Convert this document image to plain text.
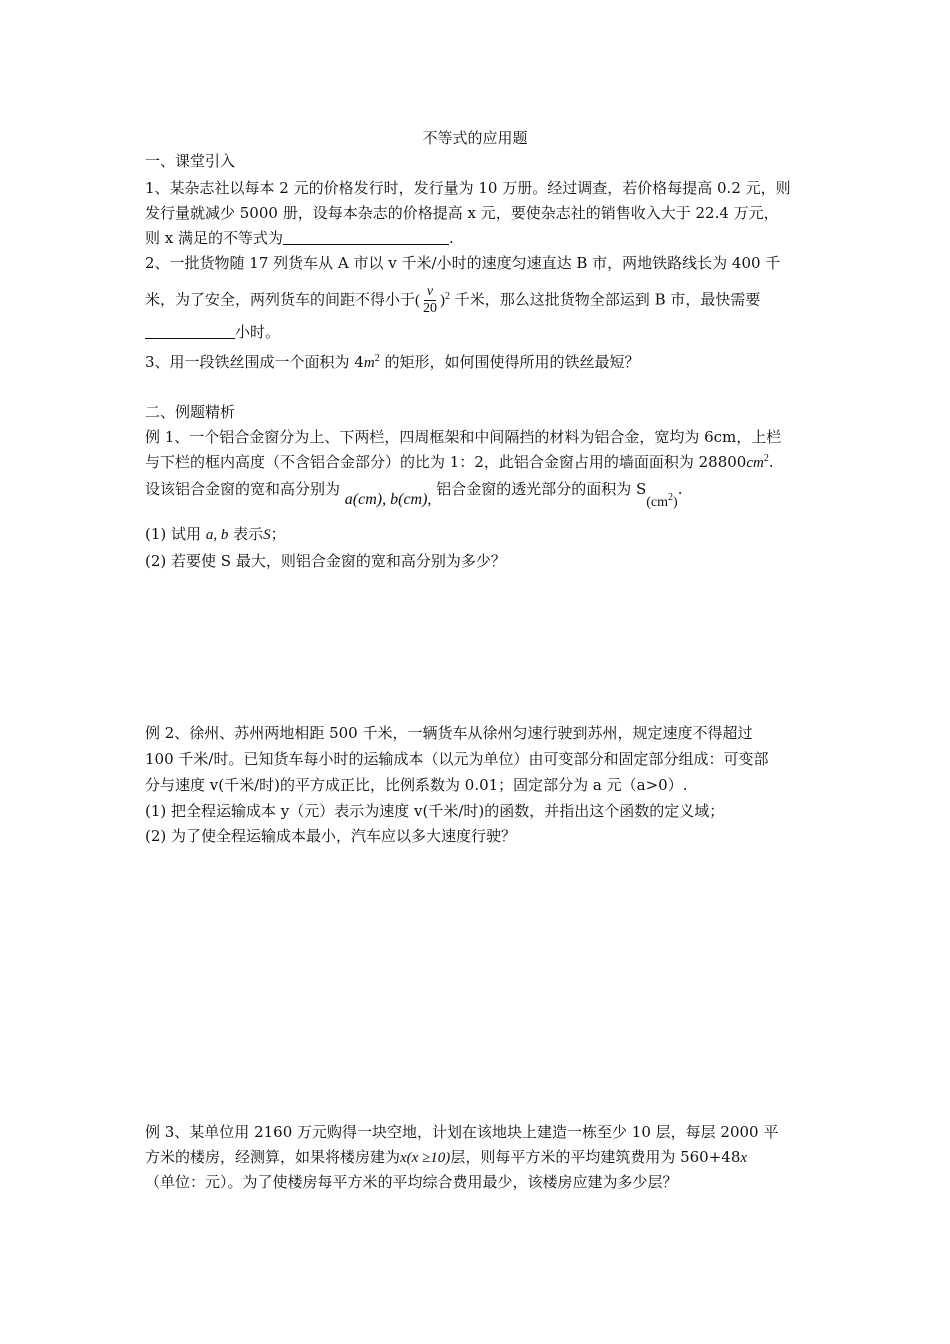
不等式的应用题
一、课堂引入
1、某杂志社以每本 2 元的价格发行时，发行量为 10 万册。经过调查，若价格每提高 0.2 元，则
发行量就减少 5000 册，设每本杂志的价格提高 x 元，要使杂志社的销售收入大于 22.4 万元，
则 x 满足的不等式为	.
2、一批货物随 17 列货车从 A 市以 v 千米/小时的速度匀速直达 B 市，两地铁路线长为 400 千
米，为了安全，两列货车的间距不得小于( $\frac{v}{20} )^2$ 千米，那么这批货物全部运到 B 市，最快需要
小时。
3、用一段铁丝围成一个面积为 $4m^2$ 的矩形，如何围使得所用的铁丝最短？
二、例题精析
例 1、一个铝合金窗分为上、下两栏，四周框架和中间隔挡的材料为铝合金，宽均为 6cm，上栏
与下栏的框内高度（不含铝合金部分）的比为 1：2，此铝合金窗占用的墙面面积为 $28800cm^2$.
设该铝合金窗的宽和高分别为 a(cm), b(cm), 铝合金窗的透光部分的面积为 $S(cm^2)$.
(1) 试用 a, b 表示S；
(2) 若要使 S 最大，则铝合金窗的宽和高分别为多少？
例 2、徐州、苏州两地相距 500 千米，一辆货车从徐州匀速行驶到苏州，规定速度不得超过
100 千米/时。已知货车每小时的运输成本（以元为单位）由可变部分和固定部分组成：可变部
分与速度 v(千米/时)的平方成正比，比例系数为 0.01；固定部分为 a 元（a>0）.
(1) 把全程运输成本 y（元）表示为速度 v(千米/时)的函数，并指出这个函数的定义域；
(2) 为了使全程运输成本最小，汽车应以多大速度行驶？
例 3、某单位用 2160 万元购得一块空地，计划在该地块上建造一栋至少 10 层，每层 2000 平
方米的楼房，经测算，如果将楼房建为x(x ≥10)层，则每平方米的平均建筑费用为 560+48x
（单位：元）。为了使楼房每平方米的平均综合费用最少，该楼房应建为多少层？
